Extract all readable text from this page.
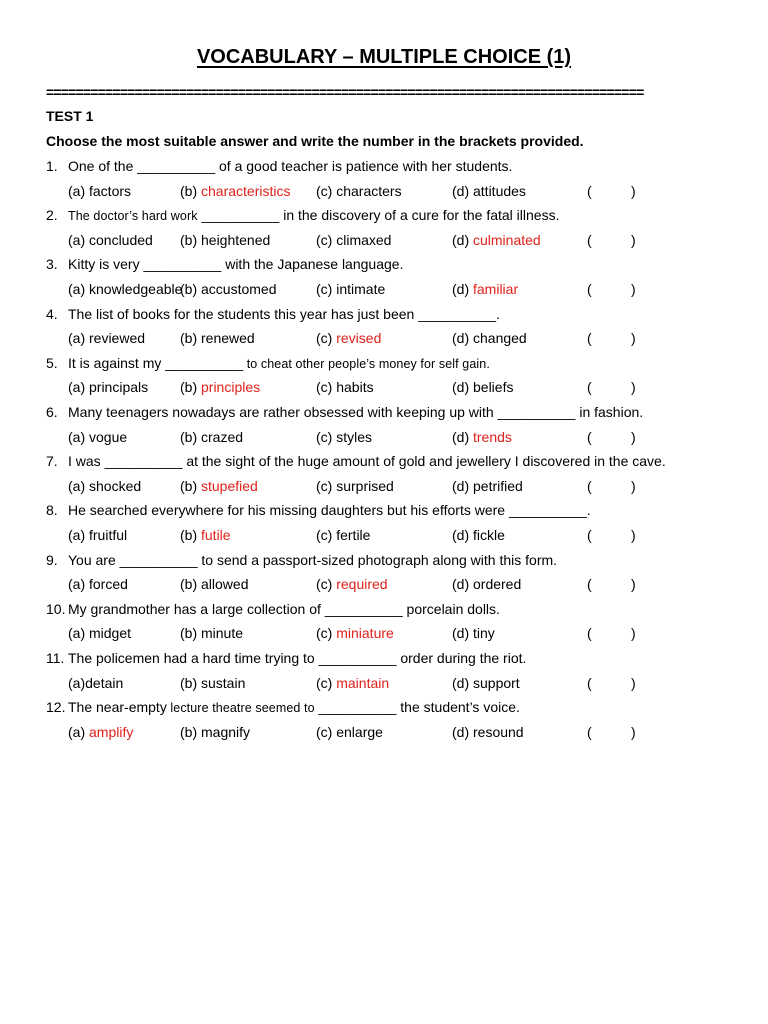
VOCABULARY – MULTIPLE CHOICE (1)
=================================================================================
TEST 1
Choose the most suitable answer and write the number in the brackets provided.
1. One of the __________ of a good teacher is patience with her students.
(a) factors	(b) characteristics (c) characters	(d) attitudes	(	)
2. The doctor’s hard work __________ in the discovery of a cure for the fatal illness.
(a) concluded (b) heightened	(c) climaxed	(d) culminated	(	)
3. Kitty is very __________ with the Japanese language.
(a) knowledgeable
(b) accustomed	(c) intimate	(d) familiar	(	)
4. The list of books for the students this year has just been __________.
(a) reviewed (b) renewed	(c) revised	(d) changed	(	)
5. It is against my __________ to cheat other people’s money for self gain.
(a) principals (b) principles	(c) habits	(d) beliefs	(	)
6. Many teenagers nowadays are rather obsessed with keeping up with __________ in fashion.
(a) vogue	(b) crazed	(c) styles	(d) trends	(	)
7. I was __________ at the sight of the huge amount of gold and jewellery I discovered in the cave.
(a) shocked	(b) stupefied	(c) surprised	(d) petrified	(	)
8. He searched everywhere for his missing daughters but his efforts were __________.
(a) fruitful	(b) futile	(c) fertile	(d) fickle	(	)
9. You are __________ to send a passport-sized photograph along with this form.
(a) forced	(b) allowed	(c) required	(d) ordered	(	)
10. My grandmother has a large collection of __________ porcelain dolls.
(a) midget	(b) minute	(c) miniature	(d) tiny	(	)
11. The policemen had a hard time trying to __________ order during the riot.
(a)detain	(b) sustain	(c) maintain	(d) support	(	)
12. The near-empty lecture theatre seemed to __________ the student’s voice.
(a) amplify	(b) magnify	(c) enlarge	(d) resound	(	)
